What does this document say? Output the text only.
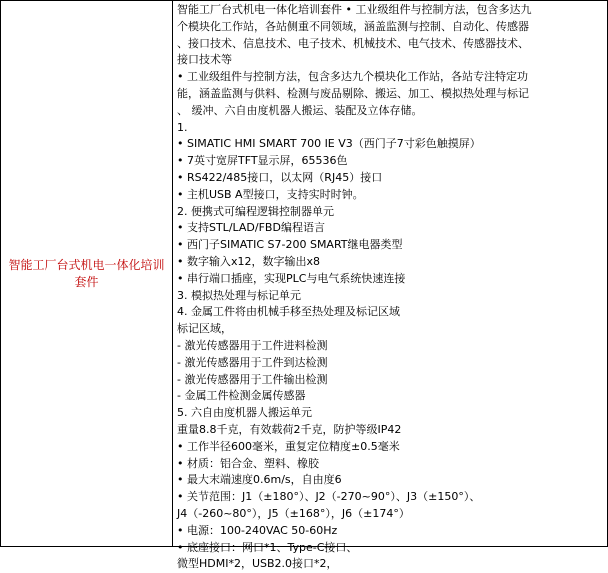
智能工厂台式机电一体化培训套件
智能工厂台式机电一体化培训套件 • 工业级组件与控制方法，包含多达九
个模块化工作站，各站侧重不同领域，涵盖监测与控制、自动化、传感器
、接口技术、信息技术、电子技术、机械技术、电气技术、传感器技术、
接口技术等
• 工业级组件与控制方法，包含多达九个模块化工作站，各站专注特定功
能，涵盖监测与供料、检测与废品剔除、搬运、加工、模拟热处理与标记
、 缓冲、六自由度机器人搬运、装配及立体存储。
1.
• SIMATIC HMI SMART 700 IE V3（西门子7寸彩色触摸屏）
• 7英寸宽屏TFT显示屏，65536色
• RS422/485接口，以太网（RJ45）接口
• 主机USB A型接口，支持实时时钟。
2. 便携式可编程逻辑控制器单元
• 支持STL/LAD/FBD编程语言
• 西门子SIMATIC S7-200 SMART继电器类型
• 数字输入x12，数字输出x8
• 串行端口插座，实现PLC与电气系统快速连接
3. 模拟热处理与标记单元
4. 金属工件将由机械手移至热处理及标记区域
标记区域，
- 激光传感器用于工件进料检测
- 激光传感器用于工件到达检测
- 激光传感器用于工件输出检测
- 金属工件检测金属传感器
5. 六自由度机器人搬运单元
重量8.8千克，有效载荷2千克，防护等级IP42
• 工作半径600毫米，重复定位精度±0.5毫米
• 材质：铝合金、塑料、橡胶
• 最大末端速度0.6m/s，自由度6
• 关节范围：J1（±180°）、J2（-270~90°）、J3（±150°）、
J4（-260~80°），J5（±168°），J6（±174°）
• 电源：100-240VAC 50-60Hz
• 底座接口：网口*1、Type-C接口、
微型HDMI*2，USB2.0接口*2，
